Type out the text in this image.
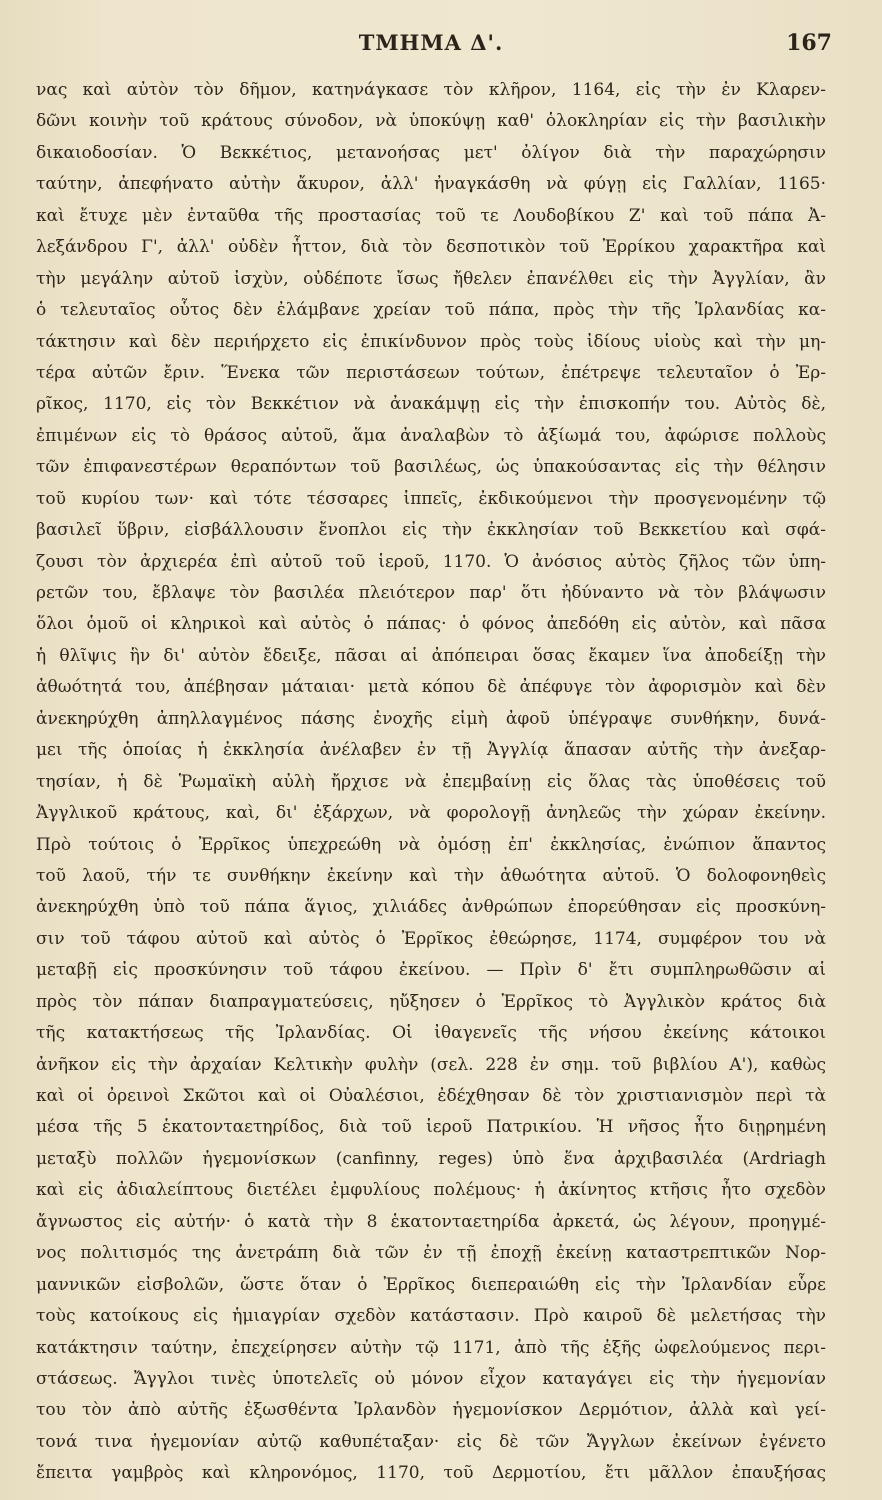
ΤΜΗΜΑ Δ'.	167
νας καὶ αὐτὸν τὸν δῆμον, κατηνάγκασε τὸν κλῆρον, 1164, εἰς τὴν ἐν Κλαρεν-
δῶνι κοινὴν τοῦ κράτους σύνοδον, νὰ ὑποκύψῃ καθ' ὁλοκληρίαν εἰς τὴν βασιλικὴν
δικαιοδοσίαν. Ὁ Βεκκέτιος, μετανοήσας μετ' ὀλίγον διὰ τὴν παραχώρησιν
ταύτην, ἀπεφήνατο αὐτὴν ἄκυρον, ἀλλ' ἠναγκάσθη νὰ φύγῃ εἰς Γαλλίαν, 1165·
καὶ ἔτυχε μὲν ἐνταῦθα τῆς προστασίας τοῦ τε Λουδοβίκου Ζ' καὶ τοῦ πάπα Ἀ-
λεξάνδρου Γ', ἀλλ' οὐδὲν ἧττον, διὰ τὸν δεσποτικὸν τοῦ Ἐρρίκου χαρακτῆρα καὶ
τὴν μεγάλην αὐτοῦ ἰσχὺν, οὐδέποτε ἴσως ἤθελεν ἐπανέλθει εἰς τὴν Ἀγγλίαν, ἂν
ὁ τελευταῖος οὗτος δὲν ἐλάμβανε χρείαν τοῦ πάπα, πρὸς τὴν τῆς Ἰρλανδίας κα-
τάκτησιν καὶ δὲν περιήρχετο εἰς ἐπικίνδυνον πρὸς τοὺς ἰδίους υἱοὺς καὶ τὴν μη-
τέρα αὐτῶν ἔριν. Ἕνεκα τῶν περιστάσεων τούτων, ἐπέτρεψε τελευταῖον ὁ Ἐρ-
ρῖκος, 1170, εἰς τὸν Βεκκέτιον νὰ ἀνακάμψῃ εἰς τὴν ἐπισκοπήν του. Αὐτὸς δὲ,
ἐπιμένων εἰς τὸ θράσος αὐτοῦ, ἅμα ἀναλαβὼν τὸ ἀξίωμά του, ἀφώρισε πολλοὺς
τῶν ἐπιφανεστέρων θεραπόντων τοῦ βασιλέως, ὡς ὑπακούσαντας εἰς τὴν θέλησιν
τοῦ κυρίου των· καὶ τότε τέσσαρες ἱππεῖς, ἐκδικούμενοι τὴν προσγενομένην τῷ
βασιλεῖ ὕβριν, εἰσβάλλουσιν ἔνοπλοι εἰς τὴν ἐκκλησίαν τοῦ Βεκκετίου καὶ σφά-
ζουσι τὸν ἀρχιερέα ἐπὶ αὐτοῦ τοῦ ἱεροῦ, 1170. Ὁ ἀνόσιος αὐτὸς ζῆλος τῶν ὑπη-
ρετῶν του, ἔβλαψε τὸν βασιλέα πλειότερον παρ' ὅτι ἠδύναντο νὰ τὸν βλάψωσιν
ὅλοι ὁμοῦ οἱ κληρικοὶ καὶ αὐτὸς ὁ πάπας· ὁ φόνος ἀπεδόθη εἰς αὐτὸν, καὶ πᾶσα
ἡ θλῖψις ἣν δι' αὐτὸν ἔδειξε, πᾶσαι αἱ ἀπόπειραι ὅσας ἔκαμεν ἵνα ἀποδείξῃ τὴν
ἀθωότητά του, ἀπέβησαν μάταιαι· μετὰ κόπου δὲ ἀπέφυγε τὸν ἀφορισμὸν καὶ δὲν
ἀνεκηρύχθη ἀπηλλαγμένος πάσης ἐνοχῆς εἰμὴ ἀφοῦ ὑπέγραψε συνθήκην, δυνά-
μει τῆς ὁποίας ἡ ἐκκλησία ἀνέλαβεν ἐν τῇ Ἀγγλίᾳ ἅπασαν αὐτῆς τὴν ἀνεξαρ-
τησίαν, ἡ δὲ Ῥωμαϊκὴ αὐλὴ ἤρχισε νὰ ἐπεμβαίνῃ εἰς ὅλας τὰς ὑποθέσεις τοῦ
Ἀγγλικοῦ κράτους, καὶ, δι' ἐξάρχων, νὰ φορολογῇ ἀνηλεῶς τὴν χώραν ἐκείνην.
Πρὸ τούτοις ὁ Ἐρρῖκος ὑπεχρεώθη νὰ ὀμόσῃ ἐπ' ἐκκλησίας, ἐνώπιον ἅπαντος
τοῦ λαοῦ, τήν τε συνθήκην ἐκείνην καὶ τὴν ἀθωότητα αὐτοῦ. Ὁ δολοφονηθεὶς
ἀνεκηρύχθη ὑπὸ τοῦ πάπα ἅγιος, χιλιάδες ἀνθρώπων ἐπορεύθησαν εἰς προσκύνη-
σιν τοῦ τάφου αὐτοῦ καὶ αὐτὸς ὁ Ἐρρῖκος ἐθεώρησε, 1174, συμφέρον του νὰ
μεταβῇ εἰς προσκύνησιν τοῦ τάφου ἐκείνου. — Πρὶν δ' ἔτι συμπληρωθῶσιν αἱ
πρὸς τὸν πάπαν διαπραγματεύσεις, ηὔξησεν ὁ Ἐρρῖκος τὸ Ἀγγλικὸν κράτος διὰ
τῆς κατακτήσεως τῆς Ἰρλανδίας. Οἱ ἰθαγενεῖς τῆς νήσου ἐκείνης κάτοικοι
ἀνῆκον εἰς τὴν ἀρχαίαν Κελτικὴν φυλὴν (σελ. 228 ἐν σημ. τοῦ βιβλίου Α'), καθὼς
καὶ οἱ ὀρεινοὶ Σκῶτοι καὶ οἱ Οὐαλέσιοι, ἐδέχθησαν δὲ τὸν χριστιανισμὸν περὶ τὰ
μέσα τῆς 5 ἑκατονταετηρίδος, διὰ τοῦ ἱεροῦ Πατρικίου. Ἡ νῆσος ἦτο διῃρημένη
μεταξὺ πολλῶν ἡγεμονίσκων (canfinny, reges) ὑπὸ ἕνα ἀρχιβασιλέα (Ardriagh
καὶ εἰς ἀδιαλείπτους διετέλει ἐμφυλίους πολέμους· ἡ ἀκίνητος κτῆσις ἦτο σχεδὸν
ἄγνωστος εἰς αὐτήν· ὁ κατὰ τὴν 8 ἑκατονταετηρίδα ἀρκετά, ὡς λέγουν, προηγμέ-
νος πολιτισμός της ἀνετράπη διὰ τῶν ἐν τῇ ἐποχῇ ἐκείνῃ καταστρεπτικῶν Νορ-
μαννικῶν εἰσβολῶν, ὥστε ὅταν ὁ Ἐρρῖκος διεπεραιώθη εἰς τὴν Ἰρλανδίαν εὗρε
τοὺς κατοίκους εἰς ἡμιαγρίαν σχεδὸν κατάστασιν. Πρὸ καιροῦ δὲ μελετήσας τὴν
κατάκτησιν ταύτην, ἐπεχείρησεν αὐτὴν τῷ 1171, ἀπὸ τῆς ἐξῆς ὠφελούμενος περι-
στάσεως. Ἄγγλοι τινὲς ὑποτελεῖς οὐ μόνον εἶχον καταγάγει εἰς τὴν ἡγεμονίαν
του τὸν ἀπὸ αὐτῆς ἐξωσθέντα Ἰρλανδὸν ἡγεμονίσκον Δερμότιον, ἀλλὰ καὶ γεί-
τονά τινα ἡγεμονίαν αὐτῷ καθυπέταξαν· εἰς δὲ τῶν Ἄγγλων ἐκείνων ἐγένετο
ἔπειτα γαμβρὸς καὶ κληρονόμος, 1170, τοῦ Δερμοτίου, ἔτι μᾶλλον ἐπαυξήσας
